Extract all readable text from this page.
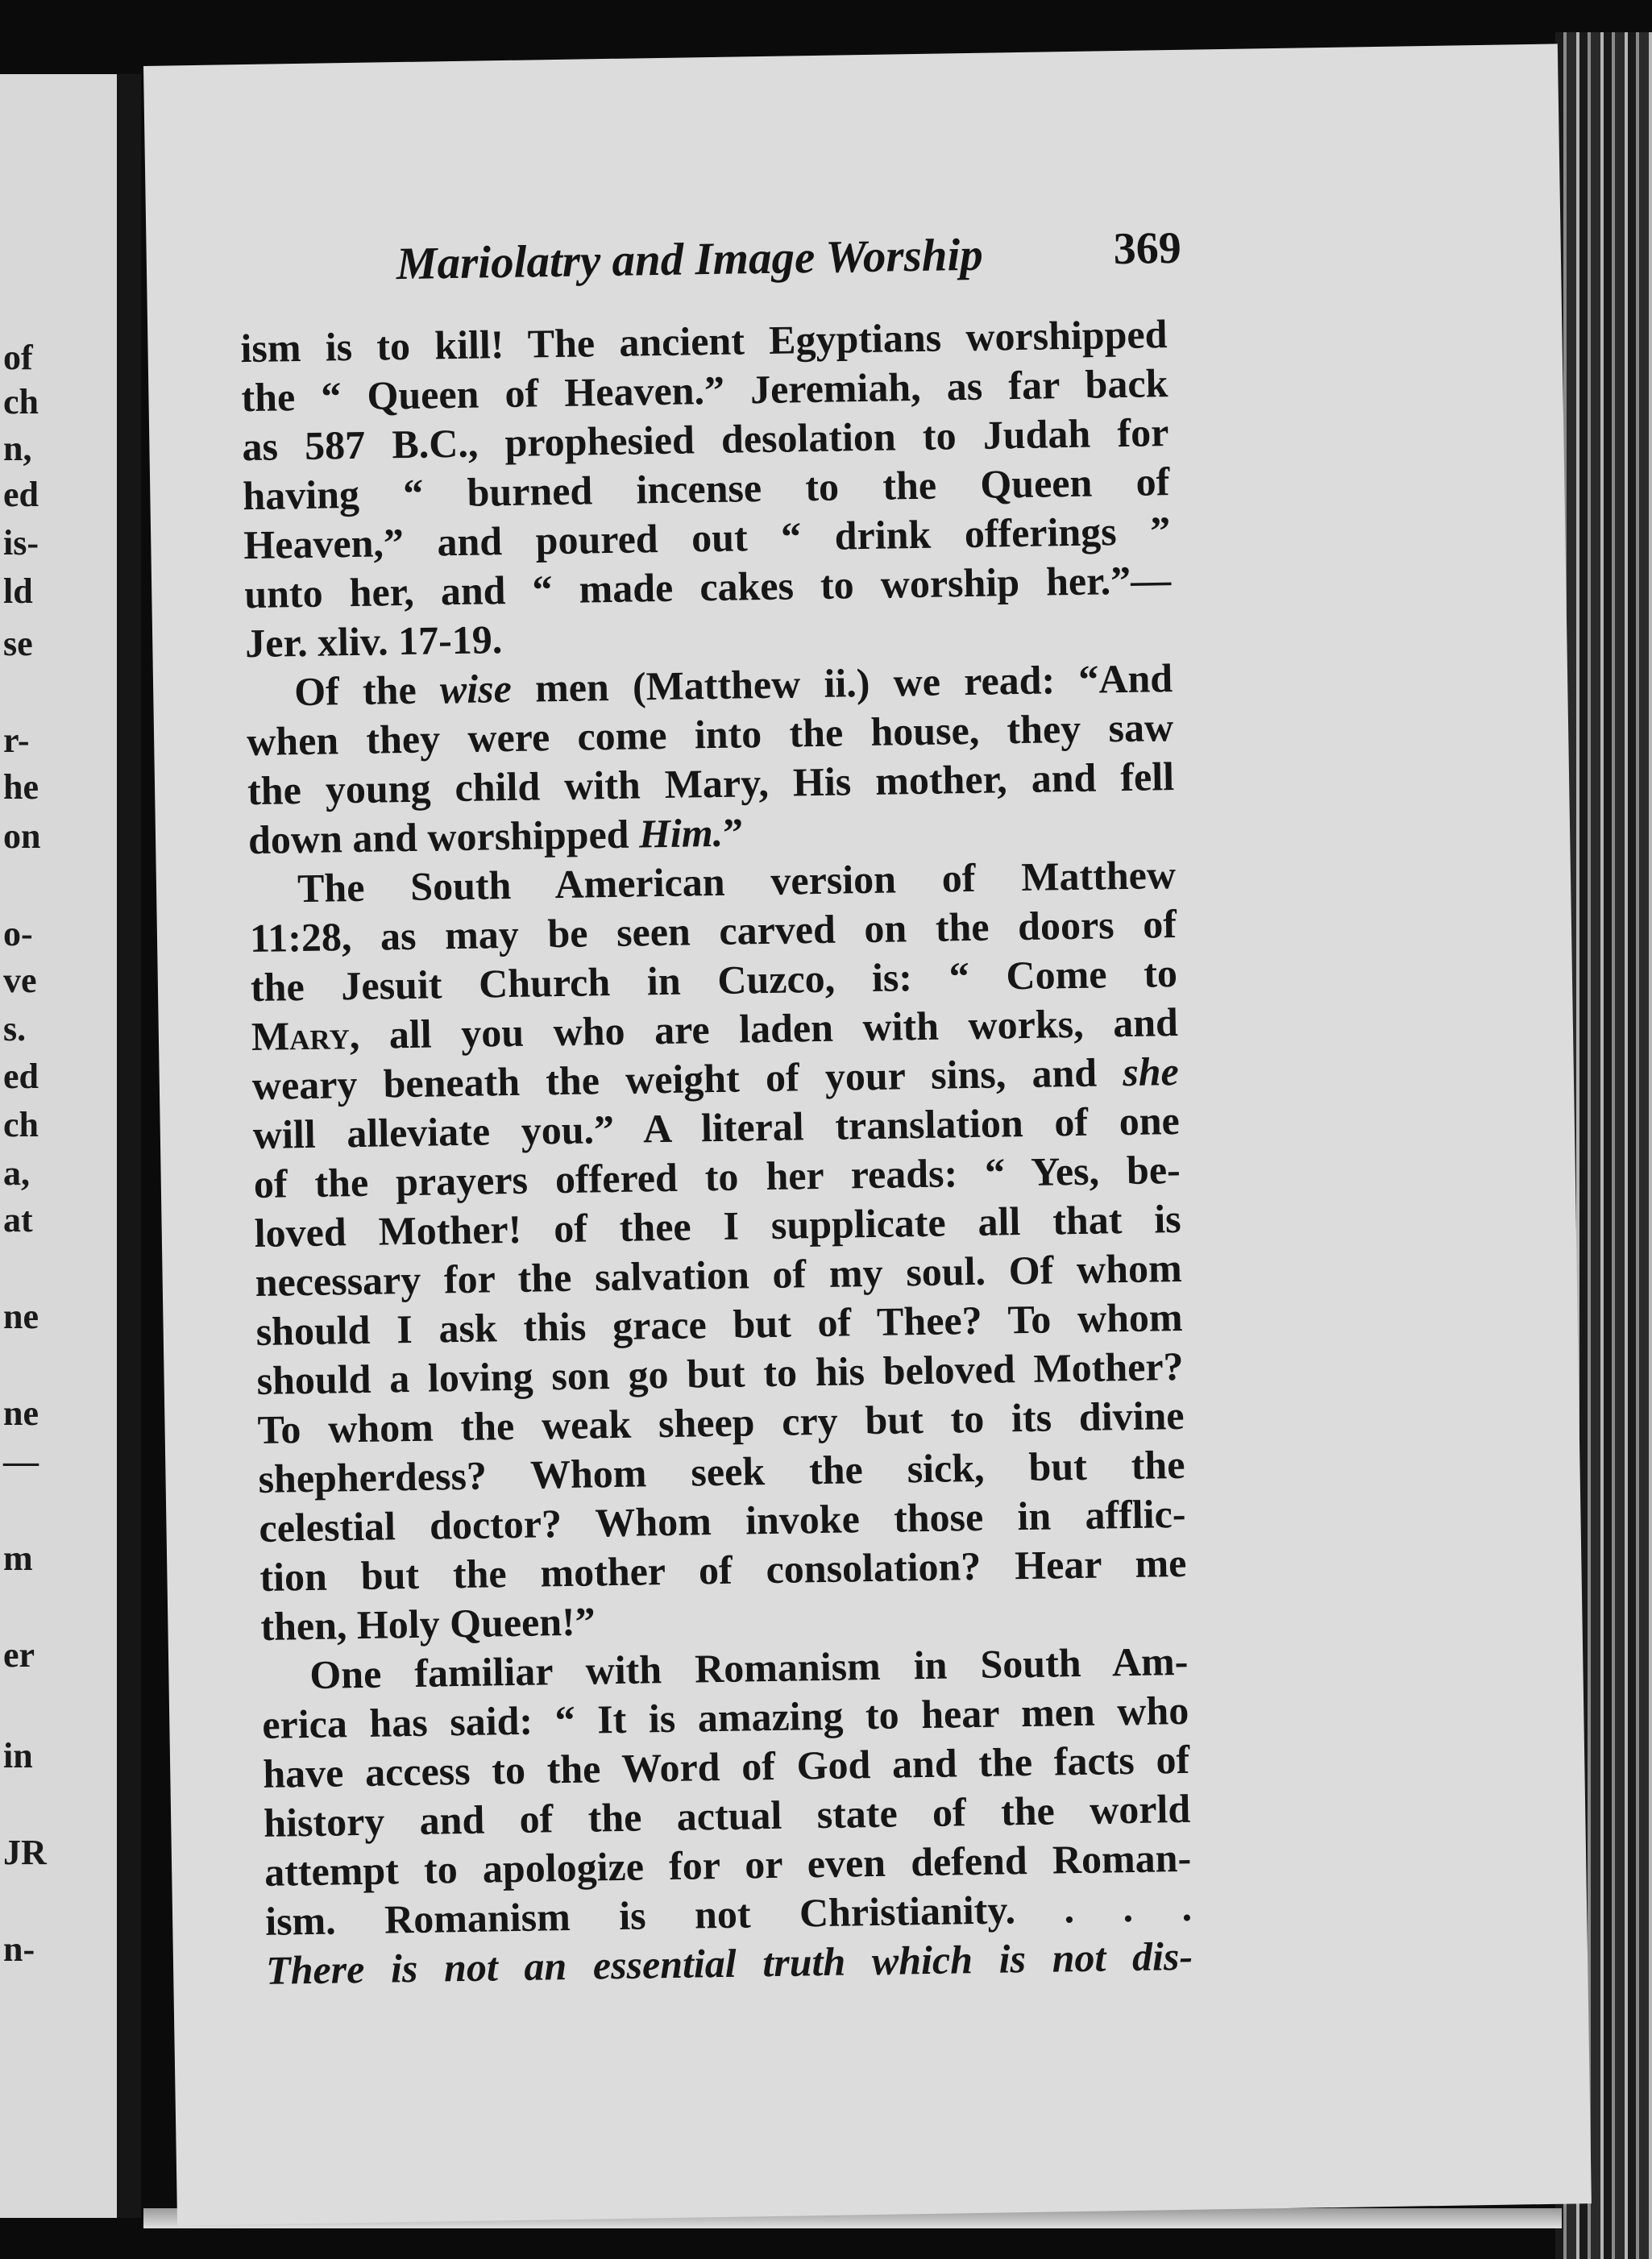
of
ch
n,
ed
is-
ld
se
r-
he
on
o-
ve
s.
ed
ch
a,
at
ne
ne
—
m
er
in
JR
n-
Mariolatry and Image Worship	369
ism is to kill! The ancient Egyptians worshipped
the “ Queen of Heaven.” Jeremiah, as far back
as 587 B.C., prophesied desolation to Judah for
having “ burned incense to the Queen of
Heaven,” and poured out “ drink offerings ”
unto her, and “ made cakes to worship her.”—
Jer. xliv. 17-19.
Of the wise men (Matthew ii.) we read: “And
when they were come into the house, they saw
the young child with Mary, His mother, and fell
down and worshipped Him.”
The South American version of Matthew
11:28, as may be seen carved on the doors of
the Jesuit Church in Cuzco, is: “ Come to
Mary, all you who are laden with works, and
weary beneath the weight of your sins, and she
will alleviate you.” A literal translation of one
of the prayers offered to her reads: “ Yes, be-
loved Mother! of thee I supplicate all that is
necessary for the salvation of my soul. Of whom
should I ask this grace but of Thee? To whom
should a loving son go but to his beloved Mother?
To whom the weak sheep cry but to its divine
shepherdess? Whom seek the sick, but the
celestial doctor? Whom invoke those in afflic-
tion but the mother of consolation? Hear me
then, Holy Queen!”
One familiar with Romanism in South Am-
erica has said: “ It is amazing to hear men who
have access to the Word of God and the facts of
history and of the actual state of the world
attempt to apologize for or even defend Roman-
ism. Romanism is not Christianity. . . .
There is not an essential truth which is not dis-
